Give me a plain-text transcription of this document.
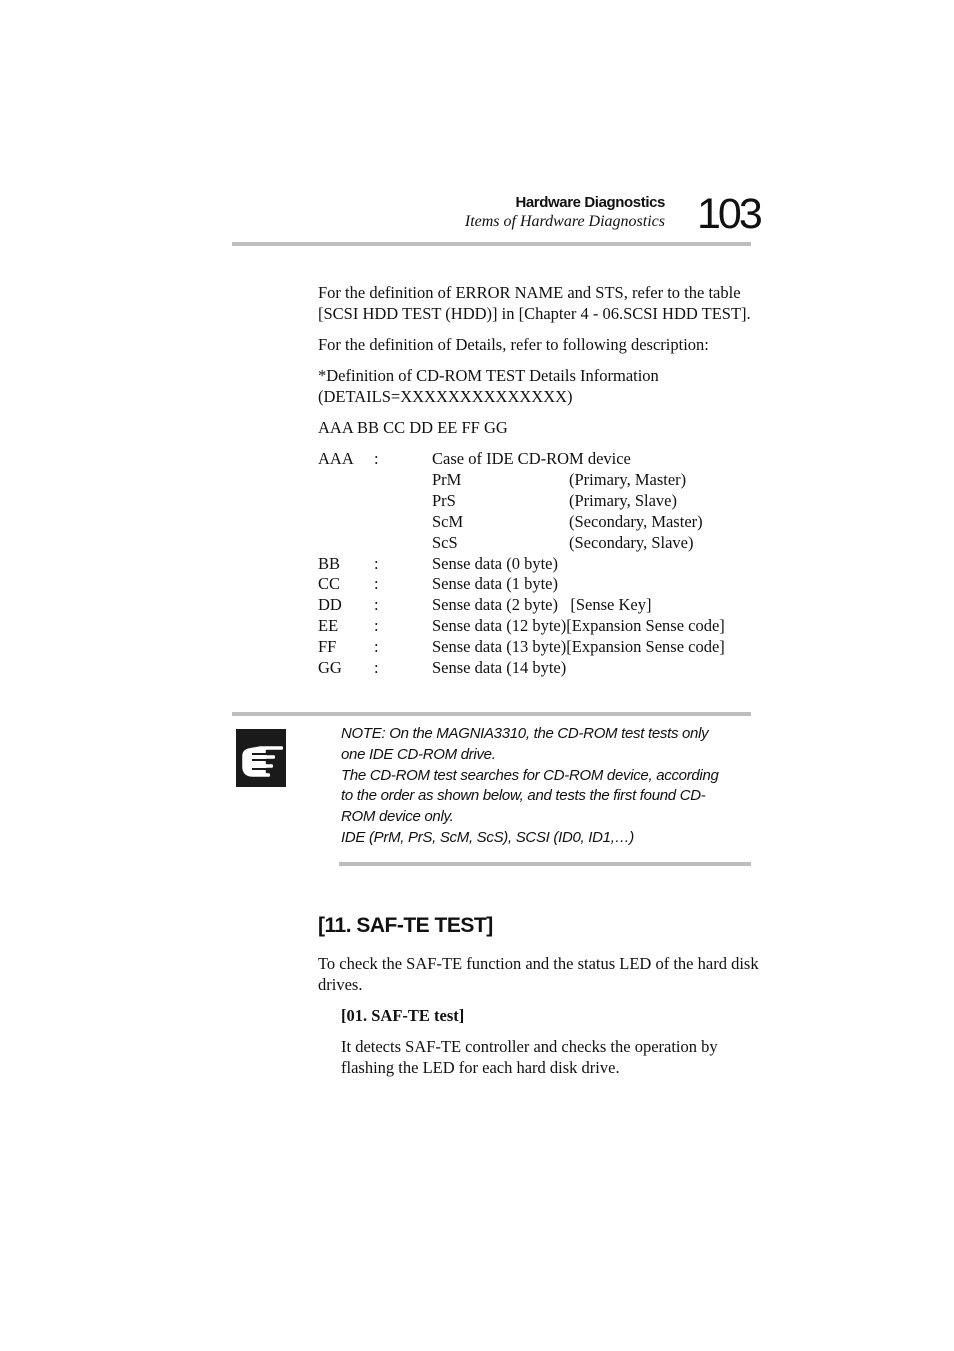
Hardware Diagnostics
Items of Hardware Diagnostics 103
For the definition of ERROR NAME and STS, refer to the table
[SCSI HDD TEST (HDD)] in [Chapter 4 - 06.SCSI HDD TEST].
For the definition of Details, refer to following description:
*Definition of CD-ROM TEST Details Information
(DETAILS=XXXXXXXXXXXXXX)
AAA BB CC DD EE FF GG
AAA :	Case of IDE CD-ROM device
PrM	(Primary, Master)
PrS	(Primary, Slave)
ScM	(Secondary, Master)
ScS	(Secondary, Slave)
BB :	Sense data (0 byte)
CC :	Sense data (1 byte)
DD :	Sense data (2 byte)   [Sense Key]
EE :	Sense data (12 byte)[Expansion Sense code]
FF :	Sense data (13 byte)[Expansion Sense code]
GG :	Sense data (14 byte)
NOTE: On the MAGNIA3310, the CD-ROM test tests only
one IDE CD-ROM drive.
The CD-ROM test searches for CD-ROM device, according
to the order as shown below, and tests the first found CD-
ROM device only.
IDE (PrM, PrS, ScM, ScS), SCSI (ID0, ID1,…)
[11. SAF-TE TEST]
To check the SAF-TE function and the status LED of the hard disk
drives.
[01. SAF-TE test]
It detects SAF-TE controller and checks the operation by
flashing the LED for each hard disk drive.
